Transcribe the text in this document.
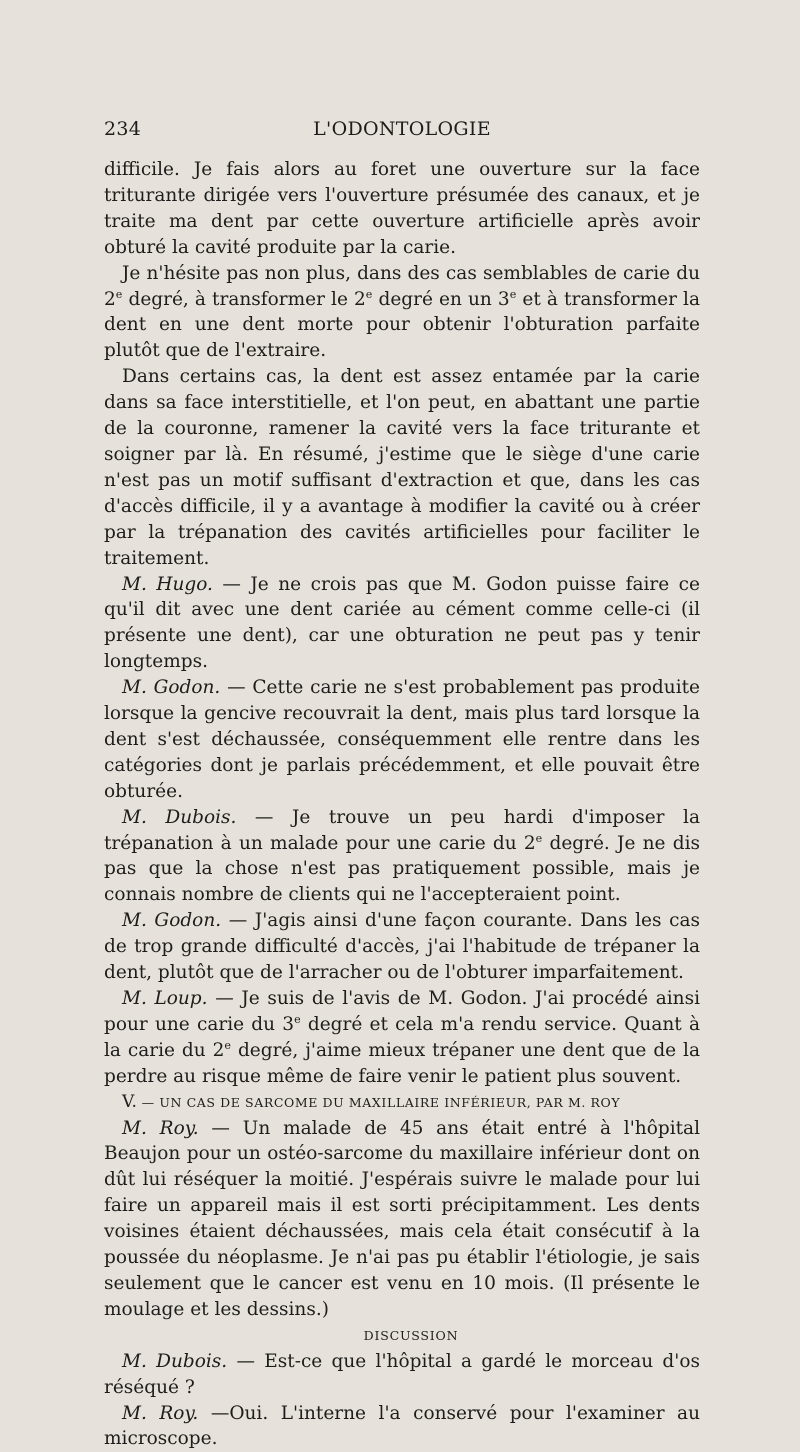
234	L'ODONTOLOGIE

difficile. Je fais alors au foret une ouverture sur la face triturante dirigée vers l'ouverture présumée des canaux, et je traite ma dent par cette ouverture artificielle après avoir obturé la cavité produite par la carie.

Je n'hésite pas non plus, dans des cas semblables de carie du 2e degré, à transformer le 2e degré en un 3e et à transformer la dent en une dent morte pour obtenir l'obturation parfaite plutôt que de l'extraire.

Dans certains cas, la dent est assez entamée par la carie dans sa face interstitielle, et l'on peut, en abattant une partie de la couronne, ramener la cavité vers la face triturante et soigner par là. En résumé, j'estime que le siège d'une carie n'est pas un motif suffisant d'extraction et que, dans les cas d'accès difficile, il y a avantage à modifier la cavité ou à créer par la trépanation des cavités artificielles pour faciliter le traitement.

M. Hugo. — Je ne crois pas que M. Godon puisse faire ce qu'il dit avec une dent cariée au cément comme celle-ci (il présente une dent), car une obturation ne peut pas y tenir longtemps.

M. Godon. — Cette carie ne s'est probablement pas produite lorsque la gencive recouvrait la dent, mais plus tard lorsque la dent s'est déchaussée, conséquemment elle rentre dans les catégories dont je parlais précédemment, et elle pouvait être obturée.

M. Dubois. — Je trouve un peu hardi d'imposer la trépanation à un malade pour une carie du 2e degré. Je ne dis pas que la chose n'est pas pratiquement possible, mais je connais nombre de clients qui ne l'accepteraient point.

M. Godon. — J'agis ainsi d'une façon courante. Dans les cas de trop grande difficulté d'accès, j'ai l'habitude de trépaner la dent, plutôt que de l'arracher ou de l'obturer imparfaitement.

M. Loup. — Je suis de l'avis de M. Godon. J'ai procédé ainsi pour une carie du 3e degré et cela m'a rendu service. Quant à la carie du 2e degré, j'aime mieux trépaner une dent que de la perdre au risque même de faire venir le patient plus souvent.

V. — UN CAS DE SARCOME DU MAXILLAIRE INFÉRIEUR, PAR M. ROY

M. Roy. — Un malade de 45 ans était entré à l'hôpital Beaujon pour un ostéo-sarcome du maxillaire inférieur dont on dût lui réséquer la moitié. J'espérais suivre le malade pour lui faire un appareil mais il est sorti précipitamment. Les dents voisines étaient déchaussées, mais cela était consécutif à la poussée du néoplasme. Je n'ai pas pu établir l'étiologie, je sais seulement que le cancer est venu en 10 mois. (Il présente le moulage et les dessins.)

DISCUSSION

M. Dubois. — Est-ce que l'hôpital a gardé le morceau d'os réséqué ?

M. Roy. —Oui. L'interne l'a conservé pour l'examiner au microscope.
